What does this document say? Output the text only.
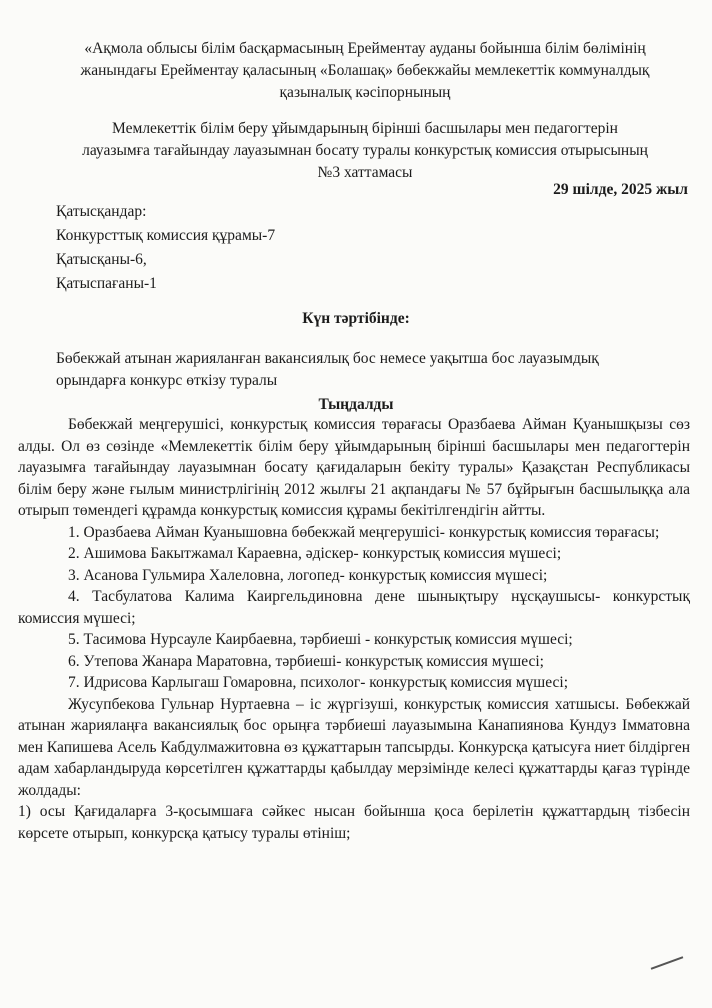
«Ақмола облысы білім басқармасының Ерейментау ауданы бойынша білім бөлімінің
жанындағы Ерейментау қаласының «Болашақ» бөбекжайы мемлекеттік коммуналдық
қазыналық кәсіпорнының
Мемлекеттік білім беру ұйымдарының бірінші басшылары мен педагогтерін
лауазымға тағайындау лауазымнан босату туралы конкурстық комиссия отырысының
№3 хаттамасы
29 шілде, 2025 жыл
Қатысқандар:
Конкурсттық комиссия құрамы-7
Қатысқаны-6,
Қатыспағаны-1
Күн тәртібінде:
Бөбекжай атынан жарияланған вакансиялық бос немесе уақытша бос лауазымдық орындарға конкурс өткізу туралы
Тыңдалды

Бөбекжай меңгерушісі, конкурстық комиссия төрағасы Оразбаева Айман Қуанышқызы сөз алды. Ол өз сөзінде «Мемлекеттік білім беру ұйымдарының бірінші басшылары мен педагогтерін лауазымға тағайындау лауазымнан босату қағидаларын бекіту туралы» Қазақстан Республикасы білім беру және ғылым министрлігінің 2012 жылғы 21 ақпандағы № 57 бұйрығын басшылыққа ала отырып төмендегі құрамда конкурстық комиссия құрамы бекітілгендігін айтты.

1. Оразбаева Айман Куанышовна бөбекжай меңгерушісі- конкурстық комиссия төрағасы;

2. Ашимова Бакытжамал Караевна, әдіскер- конкурстық комиссия мүшесі;

3. Асанова Гульмира Халеловна, логопед- конкурстық комиссия мүшесі;

4. Тасбулатова Калима Каиргельдиновна дене шынықтыру нұсқаушысы- конкурстық комиссия мүшесі;

5. Тасимова Нурсауле Каирбаевна, тәрбиеші - конкурстық комиссия мүшесі;

6. Утепова Жанара Маратовна, тәрбиеші- конкурстық комиссия мүшесі;

7. Идрисова Карлыгаш Гомаровна, психолог- конкурстық комиссия мүшесі;

Жусупбекова Гульнар Нуртаевна – іс жүргізуші, конкурстық комиссия хатшысы. Бөбекжай атынан жариялаңға вакансиялық бос орыңға тәрбиеші лауазымына Канапиянова Кундуз Імматовна мен Капишева Асель Кабдулмажитовна өз құжаттарын тапсырды. Конкурсқа қатысуға ниет білдірген адам хабарландыруда көрсетілген құжаттарды қабылдау мерзімінде келесі құжаттарды қағаз түрінде жолдады:

1) осы Қағидаларға 3-қосымшаға сәйкес нысан бойынша қоса берілетін құжаттардың тізбесін көрсете отырып, конкурсқа қатысу туралы өтініш;
